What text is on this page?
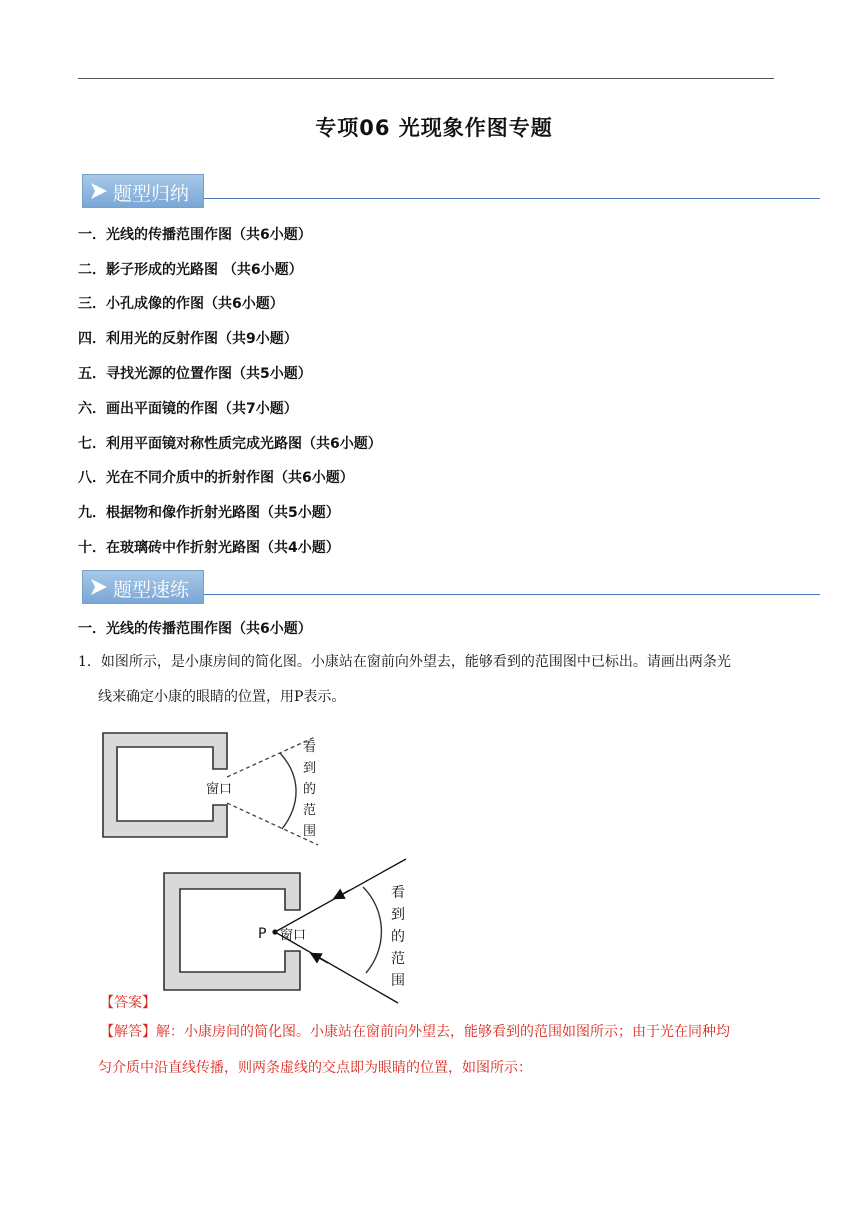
专项06 光现象作图专题
题型归纳
一．光线的传播范围作图（共6小题）
二．影子形成的光路图 （共6小题）
三．小孔成像的作图（共6小题）
四．利用光的反射作图（共9小题）
五．寻找光源的位置作图（共5小题）
六．画出平面镜的作图（共7小题）
七．利用平面镜对称性质完成光路图（共6小题）
八．光在不同介质中的折射作图（共6小题）
九．根据物和像作折射光路图（共5小题）
十．在玻璃砖中作折射光路图（共4小题）
题型速练
一．光线的传播范围作图（共6小题）
1．如图所示，是小康房间的简化图。小康站在窗前向外望去，能够看到的范围图中已标出。请画出两条光
线来确定小康的眼睛的位置，用P表示。
窗口
看
到
的
范
围
P 窗口
看
到
的
范
围
【答案】
【解答】解：小康房间的简化图。小康站在窗前向外望去，能够看到的范围如图所示；由于光在同种均
匀介质中沿直线传播，则两条虚线的交点即为眼睛的位置，如图所示：
